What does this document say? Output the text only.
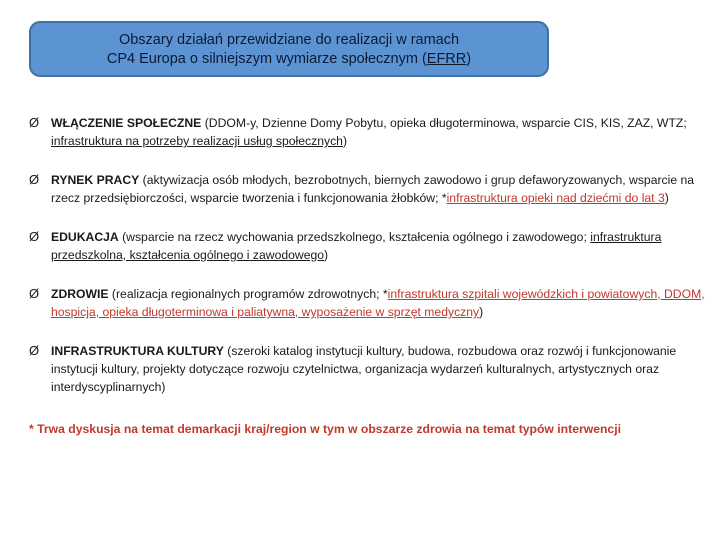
Obszary działań przewidziane do realizacji w ramach
CP4 Europa o silniejszym wymiarze społecznym (EFRR)
Ø WŁĄCZENIE SPOŁECZNE (DDOM-y, Dzienne Domy Pobytu, opieka długoterminowa, wsparcie CIS, KIS, ZAZ, WTZ; infrastruktura na potrzeby realizacji usług społecznych)
Ø RYNEK PRACY (aktywizacja osób młodych, bezrobotnych, biernych zawodowo i grup defaworyzowanych, wsparcie na rzecz przedsiębiorczości, wsparcie tworzenia i funkcjonowania żłobków; *infrastruktura opieki nad dziećmi do lat 3)
Ø EDUKACJA (wsparcie na rzecz wychowania przedszkolnego, kształcenia ogólnego i zawodowego; infrastruktura przedszkolna, kształcenia ogólnego i zawodowego)
Ø ZDROWIE (realizacja regionalnych programów zdrowotnych; *infrastruktura szpitali wojewódzkich i powiatowych, DDOM, hospicja, opieka długoterminowa i paliatywna, wyposażenie w sprzęt medyczny)
Ø INFRASTRUKTURA KULTURY (szeroki katalog instytucji kultury, budowa, rozbudowa oraz rozwój i funkcjonowanie instytucji kultury, projekty dotyczące rozwoju czytelnictwa, organizacja wydarzeń kulturalnych, artystycznych oraz interdyscyplinarnych)
* Trwa dyskusja na temat demarkacji kraj/region w tym w obszarze zdrowia na temat typów interwencji
